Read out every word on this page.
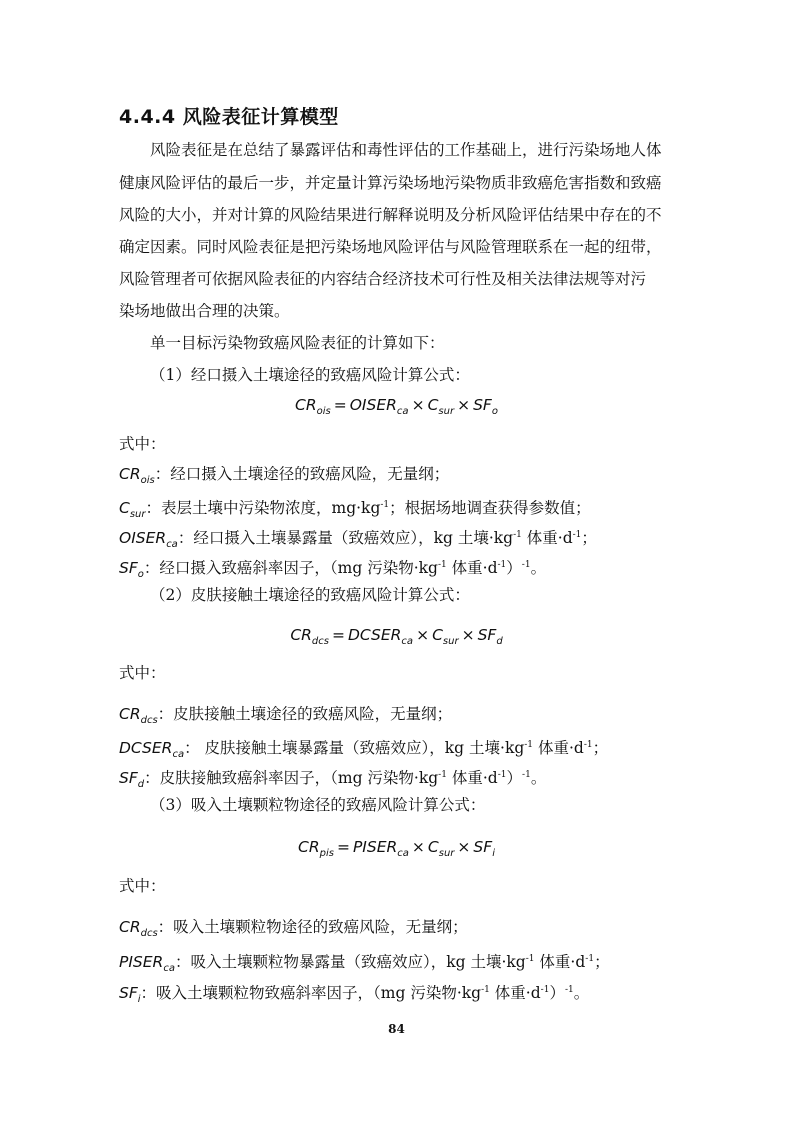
4.4.4 风险表征计算模型
风险表征是在总结了暴露评估和毒性评估的工作基础上，进行污染场地人体
健康风险评估的最后一步，并定量计算污染场地污染物质非致癌危害指数和致癌
风险的大小，并对计算的风险结果进行解释说明及分析风险评估结果中存在的不
确定因素。同时风险表征是把污染场地风险评估与风险管理联系在一起的纽带，
风险管理者可依据风险表征的内容结合经济技术可行性及相关法律法规等对污
染场地做出合理的决策。
单一目标污染物致癌风险表征的计算如下：
（1）经口摄入土壤途径的致癌风险计算公式：
$CR_{ois}$ = $OISER_{ca} \times C_{sur} \times SF_o$
式中：
$CR_{ois}$：经口摄入土壤途径的致癌风险，无量纲；
$C_{sur}$：表层土壤中污染物浓度，$mg\cdot kg^{-1}$；根据场地调查获得参数值；
$OISER_{ca}$：经口摄入土壤暴露量（致癌效应），kg 土壤$\cdot kg^{-1}$ 体重$\cdot d^{-1}$；
$SF_o$：经口摄入致癌斜率因子，（mg 污染物$\cdot kg^{-1}$ 体重$\cdot d^{-1})^{-1}$。
（2）皮肤接触土壤途径的致癌风险计算公式：
$CR_{dcs}$ = $DCSER_{ca} \times C_{sur} \times SF_d$
式中：
$CR_{dcs}$：皮肤接触土壤途径的致癌风险，无量纲；
$DCSER_{ca}$： 皮肤接触土壤暴露量（致癌效应），kg 土壤$\cdot kg^{-1}$ 体重$\cdot d^{-1}$；
$SF_d$：皮肤接触致癌斜率因子，（mg 污染物$\cdot kg^{-1}$ 体重$\cdot d^{-1})^{-1}$。
（3）吸入土壤颗粒物途径的致癌风险计算公式：
$CR_{pis}$ = $PISER_{ca} \times C_{sur} \times SF_i$
式中：
$CR_{dcs}$：吸入土壤颗粒物途径的致癌风险，无量纲；
$PISER_{ca}$：吸入土壤颗粒物暴露量（致癌效应），kg 土壤$\cdot kg^{-1}$ 体重$\cdot d^{-1}$；
$SF_i$：吸入土壤颗粒物致癌斜率因子，（mg 污染物$\cdot kg^{-1}$ 体重$\cdot d^{-1})^{-1}$。
84
